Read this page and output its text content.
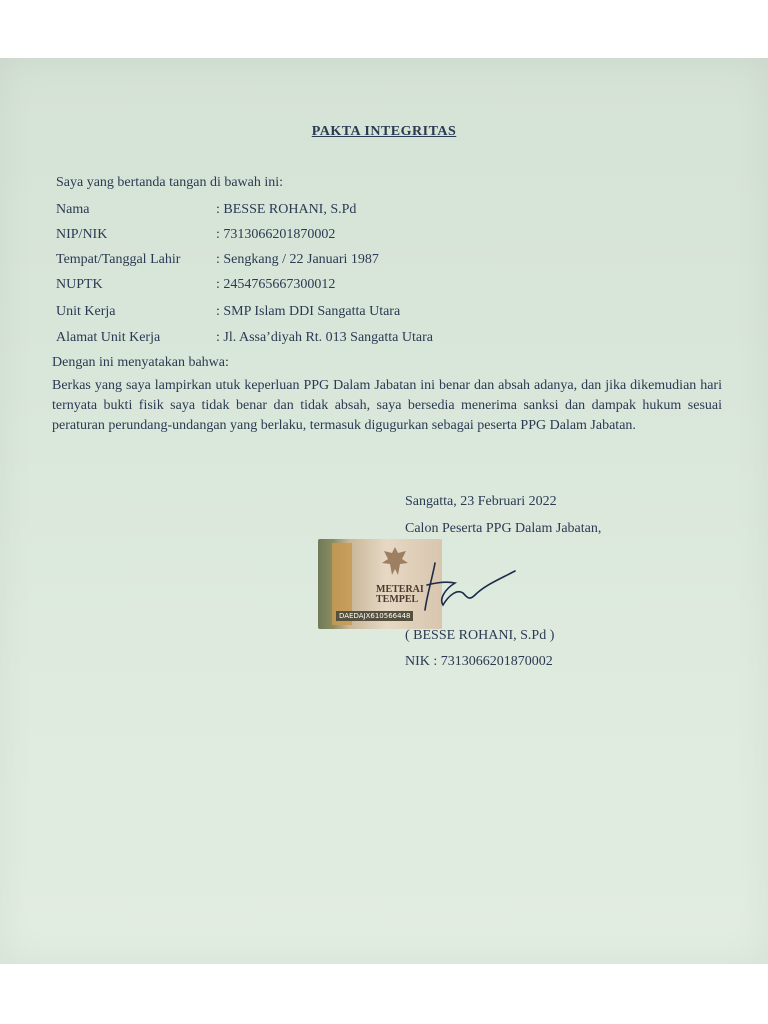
PAKTA INTEGRITAS
Saya yang bertanda tangan di bawah ini:
Nama	: BESSE ROHANI, S.Pd
NIP/NIK	: 7313066201870002
Tempat/Tanggal Lahir	: Sengkang / 22 Januari 1987
NUPTK	: 2454765667300012
Unit Kerja	: SMP Islam DDI Sangatta Utara
Alamat Unit Kerja	: Jl. Assa’diyah Rt. 013 Sangatta Utara
Dengan ini menyatakan bahwa:
Berkas yang saya lampirkan utuk keperluan PPG Dalam Jabatan ini benar dan absah adanya, dan jika dikemudian hari ternyata bukti fisik saya tidak benar dan tidak absah, saya bersedia menerima sanksi dan dampak hukum sesuai peraturan perundang-undangan yang berlaku, termasuk digugurkan sebagai peserta PPG Dalam Jabatan.
Sangatta, 23 Februari 2022
Calon Peserta PPG Dalam Jabatan,
METERAI
TEMPEL
DAEDAJX610566448
( BESSE ROHANI, S.Pd )
NIK : 7313066201870002
